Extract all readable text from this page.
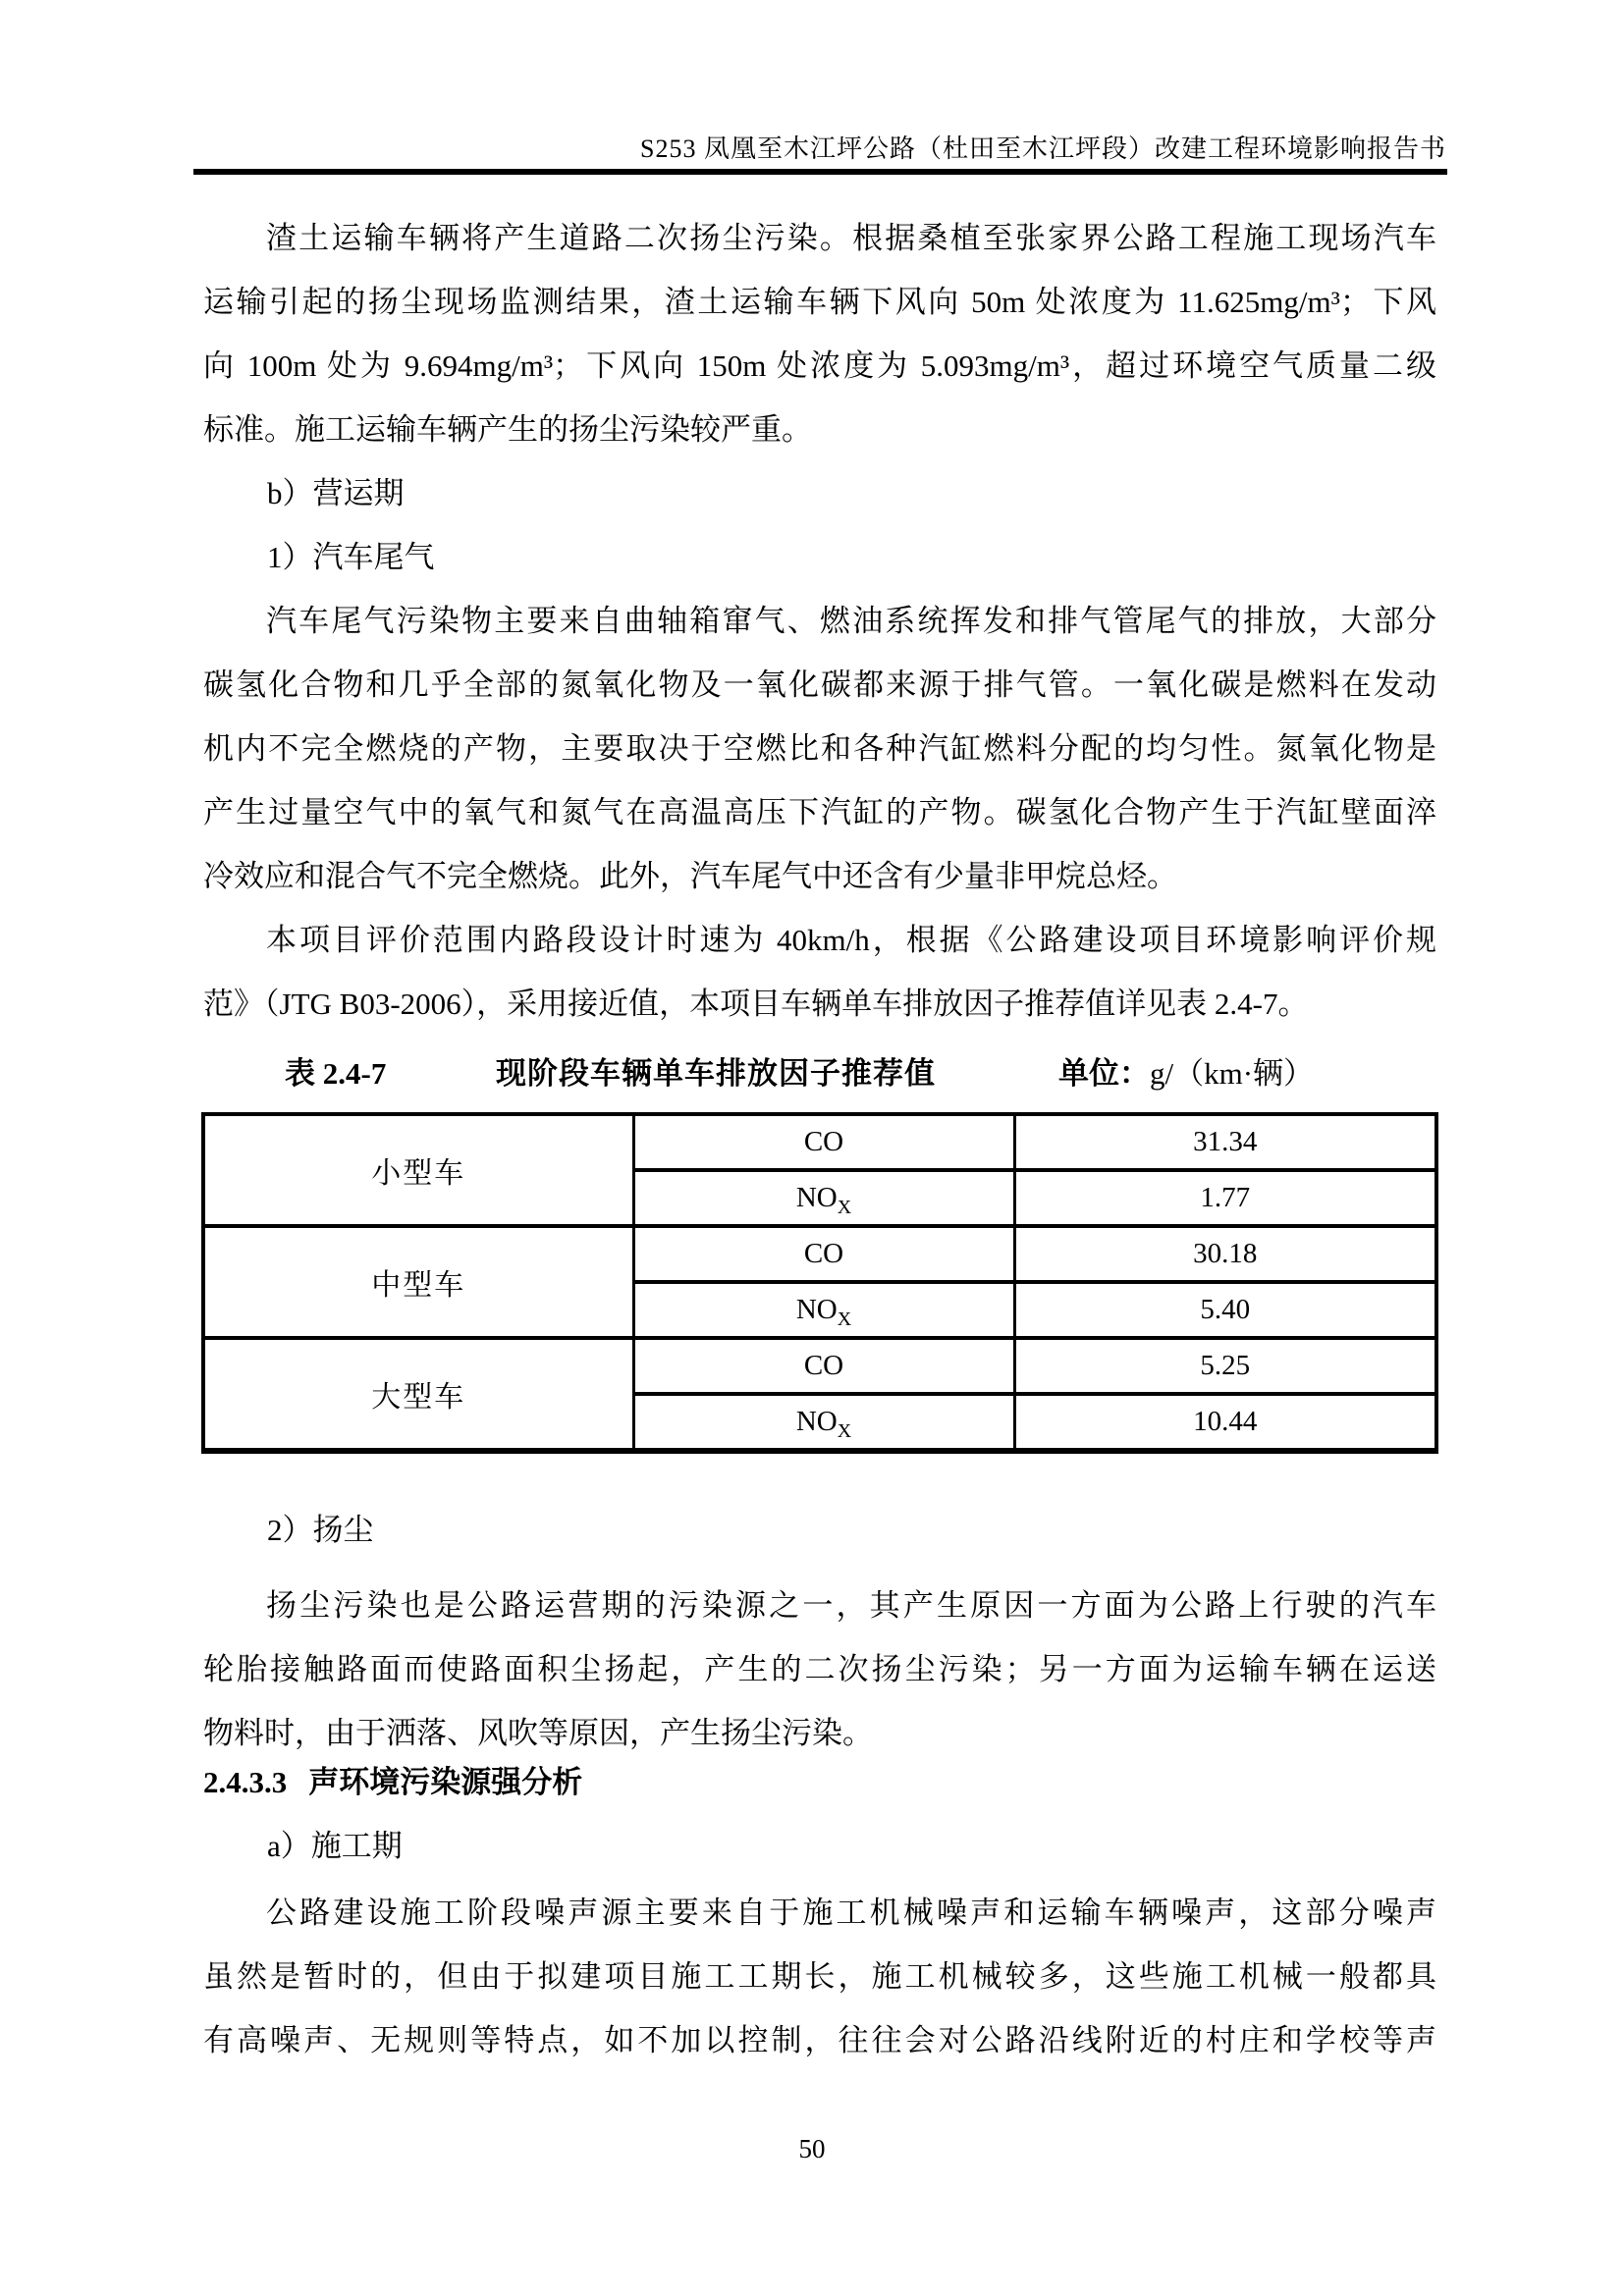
S253 凤凰至木江坪公路（杜田至木江坪段）改建工程环境影响报告书
渣土运输车辆将产生道路二次扬尘污染。根据桑植至张家界公路工程施工现场汽车
运输引起的扬尘现场监测结果，渣土运输车辆下风向 50m 处浓度为 11.625mg/m³；下风
向 100m 处为 9.694mg/m³；下风向 150m 处浓度为 5.093mg/m³，超过环境空气质量二级
标准。施工运输车辆产生的扬尘污染较严重。
b）营运期
1）汽车尾气
汽车尾气污染物主要来自曲轴箱窜气、燃油系统挥发和排气管尾气的排放，大部分
碳氢化合物和几乎全部的氮氧化物及一氧化碳都来源于排气管。一氧化碳是燃料在发动
机内不完全燃烧的产物，主要取决于空燃比和各种汽缸燃料分配的均匀性。氮氧化物是
产生过量空气中的氧气和氮气在高温高压下汽缸的产物。碳氢化合物产生于汽缸壁面淬
冷效应和混合气不完全燃烧。此外，汽车尾气中还含有少量非甲烷总烃。
本项目评价范围内路段设计时速为 40km/h，根据《公路建设项目环境影响评价规
范》（JTG B03-2006），采用接近值，本项目车辆单车排放因子推荐值详见表 2.4-7。
表 2.4-7	现阶段车辆单车排放因子推荐值	单位：g/（km·辆）
小型车	CO	31.34
	$NO_X$	1.77
中型车	CO	30.18
	$NO_X$	5.40
大型车	CO	5.25
	$NO_X$	10.44
2）扬尘
扬尘污染也是公路运营期的污染源之一，其产生原因一方面为公路上行驶的汽车
轮胎接触路面而使路面积尘扬起，产生的二次扬尘污染；另一方面为运输车辆在运送
物料时，由于洒落、风吹等原因，产生扬尘污染。
2.4.3.3 声环境污染源强分析
a）施工期
公路建设施工阶段噪声源主要来自于施工机械噪声和运输车辆噪声，这部分噪声
虽然是暂时的，但由于拟建项目施工工期长，施工机械较多，这些施工机械一般都具
有高噪声、无规则等特点，如不加以控制，往往会对公路沿线附近的村庄和学校等声
50
